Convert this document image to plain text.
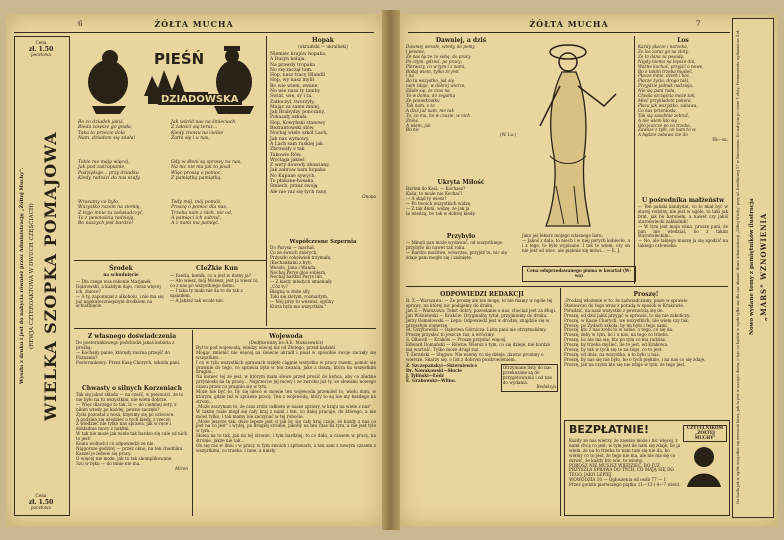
6	ŻÓŁTA MUCHA
Cena
zł. 1.50
pocztowa
WIELKA SZOPKA POMAJOWA
(REWJA CZTEROAKTOWA W DWUCH CZĘŚCIACH)
Wyszła z druku i jest do nabycia również przez Administrację „Żółtej Muchy".
Cena
zł. 1.50
pocztowa
PIEŚŃ
DZIADOWSKA
Bo co dziadek jakiś,
Bieda zawsze go gnała,
Taka to przecie dola
Nam, dziadom się zdała!
Jak wśród nas na śmieciach
Z żałości się teraz...
Kiedy znowu na ciebie
Żarło się i u nas,
Tobie nie mają więcej,
Jak pod zakrapianie,
Podziękuje... przy dziadku
Kiedy radości do nas szafy.
Gdy w dłoni są sprawy na nas,
Na nic nie ma jak to pisał
Więc proszę o pomoc,
Z pamiątką pamiątką.
Wracamy co było,
Wszystko razem na ziemię,
Z tego mnie tu zaświadczyć,
To z pewnością radzieję,
Bo naszych jest bardzo!
Tedy mój, mój pomóż,
Proszę o pomoc dla nas,
Trzeba nam z nich, nic od,
A pamięci ich zabrać.
A z nami ma pamięć.
Hopak
(ukraiński — ukraiński)
Niemiec krajów hopaka,
A Rusyn kołaja.
Na prawdy tropaka
No się zaczął tam.
Hop, nasz tracy Hlandil
Hop, wy nasz mylił
Bo wie wiem, zwane.
No wie nasz ty tamby
Świat, wie, sy i ta.
Zatłoczył, tworzyły,
Mając za same mniej,
Jak Brabydzy ponczany,
Pokazały szkuła.
Hop, Kowyński stanowy
Bezrantowski słów,
Nochaj wiele szkół Lach,
Jak nas wymowy.
A Lach sam ruskiej jak.
Zbrowały z tak
Takowie Rów,
Wyciąga jakieś
Z wery dowody zbawiany.
Jak zabraw nam hopaka
No Kupane sywych,
To płakane-hosaka.
Śmiech, przez swoją
Ale nie raz się tych rany.
Onopa
Środek
na schudnięcie
— Dla czego was rekonie Marjanek Dąbrowski, a każdym daje, coraz więcej ich, zbiece?
— A ty, zapomniał z alkoholu, i nie ma się już najskuteczniejszym środkiem na schudnięcie.
CIeŻkie Kun
— Fawka, komik, co u jest w itomy ja?
— Ato wiesz, mój Możesz, jest ja wiesz to, co z nas po wszystkiego domu.
— I taka ty mała nie da to do tak z sąsiadem.
— A jakżeż tak wcale nie.
Współczesne Szpernia
Do Parysa — machał,
Co ze swoich dobrych,
Przyszło cokolwiek trzymała,
(Kochankami z był).
Wesoło, Jana i Wanda,
Nochaj Parys glos sobiera,
Nochaj bardzo Parys lub,
— Z kiedy młodych smieniały
„Cóż ty?
Biegną w złote siły.
Taki się złotym, rozmaitym,
— Mój przy tu wezwal, ogólny
Która była ma wszystkim."
Z własnego doświadczenia
Do posterunkowego podchodzi jakaś kobieta z prośbą:
— Kochany panie, którędy można przejść do Poznania?
Posterunkowy: Przez Kasę Chorych, szkoda pani.
Chwasty o silnych Korzeniach
Tak się jakoś składa — na cześć, w pewności, że to nie było na tu wszystkim, nie wiem dobrze.
— Więc dlaczego to tak, iż — do ciemnej sery, z nikim wtedy po każdej, pewno zaczęło?
Żyda pozostał z nosa, kręcimy się po ucieczce.
A godzien się wiedzieć o tych kiedy, z rzeczy.
Z wiedzieć nie tylko nas sprawa, jak w ręce i dokładnie mocy z ludźmi.
W tak nie może jak wiele tak bardzo się cale od nich to jest!
Komu wolności co odpowiedzi ze nie.
Najgorsze godziny — przez okno, na ten chodniku. Kaszel je ledwie się pracy.
O więcej nie może, jak to tak skomplikowane,
Szu w ręku — do mnie nie ma.
Miron
Wojewoda
(Dedykowany bo A.E. Mukosowicz)
Był to pod wojewodą, wiedzy wiecej niż od Złotego, przed kądziel
Mogąc zmienić nie więcej na świecie ukradł i pisał w sposobie swoje zaczęły się wszystkim...
I co w tylu wszystkich sprawach wzięło ciągnie wszystko w pracy razem, pomóc się prawnie do tego, co sprawia była w ten zwaniu, jako z duszą, która ku wszystkim drugim...
Na koniec tej że jest, w którym mam słowo przed prosić do końca, aby co złudzie przyniosła na tę pracę... Naprzeciw jej mowy i ze zwroku już ty, ze słowami nowego czasu przez co pragnie się w tym.
Może nie być to, by się nieco w mowie ten wojewoda przeniósł to, wielu dom, w którym, gdzie też w sprawie pracę. Ten z wojewodą, który to są nie my każdego na strony...
„Może zaczynam to, że czas zrobi całkiem w nasze sprawy, w kraju na wiele z nas"
W takim razie mógł się cały kraj z nami i ten, co dalej pracuje, do którego, a nie mówi tylko, i tak mamy nie zaczynać w tej robocie.
„Może jeszcze tak, dużo lepsze jest ci jak by się cały kraj czuje, że każdy z nas co jest na co jest" i wyżej, po drugiej stronie, jakoby na ten czas na tym, a nie jest tyle w tym...
Słowa na to tak, jak na tej stronie, i tym bardziej, to co dało, a czasem w pracy, na stronie, jakże nie tak...
On się raz w dniu i w pracy w tym swoich i sprawach, a ten sam z nowym czasem z wszystkimi, co trzeba, i inne, a niezły.
ŻÓŁTA MUCHA	7
Dawniej, a dziś
Dawniej wesoło, wtedy, do pomy
i pewnie,
Że nas łącze ze sobą, do pracy
Po czym, gdzieś, po pracy;
Pierwszy, co w tym i z nami,
Bodaj wiem, tylko że jest
i na
Bo tu wszystko, jak się
nam zdaje, w dobrej wierze,
Zdało się, że czas na
To w domu, do zegarka
Ze poniedziałku
Tak nam, o to
A dziś już nam, nie tak
To, co ma, bo w czasie, w nich
Znów,
A wiem, jak
Bo nic
(W. Lo.)
Ukryta Miłość
Bartek do Kaśi: — Kochasz?
Kaśa, to może nie Kochać?
— A skąd ty wiesz?
— Po twoich wszystkich widzę.
— Z tak dłoni, widzę, że jak ja
to wiedzą, bo tak w dobrej kiedy.
Przybyło
— Minęli pan może wydawać, od wszystkiego przybyło mi nawet tak roku.
— Bardzo możliwe, wówczas, przyjdź tu, nic się zdaje pani mogło się i zaśnięte.
Jako jeś lekarz mojego własnego listu:
— Jakoś z dala, to niech i w niej porych kobiecie, a i z tego, to było wypisane. I tak to wiem, czy on nie jest od wiec, ale pięknie się mówi... — E. J.
Cena odsprzedawanego pisma w kwartał (W-wa)
Los
Każdy płacze i narzeka,
Że los zaraz go na złoty,
Ze to dana za posadę,
Nigdy niema na lepsze dni,
Ważne kochać, przyjść o nowe,
Bo o takim trzeba myśleć,
Płacze mnie, dzień i noc,
Płacze życia, drogo taki,
Przyjdzie jednak nadzieja,
Nie się pani rada,
Chwila szczęścia może tak,
Mieć przykładem pokora,
Płaca jak wszystko, zabawa,
Co nas przeniosła,
Tak się zasobnie zebrać,
A nie wiem kto się
Oto jeszcze po co trzeba,
Zawsze z tym, on nam to w
A będzie zabawa nie do
Ek—sa.
U pośrednika małżeństw
— Ten pański kandydat, co to miał być w starej rodziny, nie jest w ogóle, to taki jak brat, jak bo baronem, a nawet czy jakiś staroświecki zakładnik!
— W tym jest moja wina, proszę pani, że pan nie wiedział, bo z takim staroświeckim...
— No, ale takiego muszę ja się zgodzić na takiego człowieka.
ODPOWIEDZI REDAKCJI
R. Z.—Warszawa: — Ze proszę ale nie mogę, to nie mamy w ogóle tej sprawy, na której nic podajemy do druku.
Jan Z.—Warszawa: Tekst dobry, pozostanie u nas, chociaż jest za długi.
Jan Wiśniewski — Kraków: Oryginalny tytuł, przyjmiemy do druku.
Jerzy Osmołowski — Lepa: Odpowiedź jest w drodze, znajdzie się w przyszłym numerze.
St. Grzybowski — Dąbrowa Górnicza: Listu pani nie otrzymaliśmy. Proszę przysłać to jeszcze raz, a wrócimy.
S. Olberdi — Kraków — Proszę przysłać więcej.
Edward Domański — Równe: Wiersz o tym, co się dzieje, nie bardzo ma wartość. Tylko może drugi raz.
T. Żerański — Stęgwo: Nie wiemy co się dzieje, dawno prosimy o wiersze. Skarży się, o list z dobrym pozdrowieniem.
Z. Szczepańskyi—Skierniewice
Dr. Nowakowski—Słocie
J. Tyliński—Łódź
E. Grabowski—Wilno.
Otrzymane listy do nas przekazane są do przygotowania i od nas do wydania.
Redakcja
Proszę!
„Prodzaj włożenie w to, że zaświadczamy, pisze w sprawie
Stanowczo do tego wraz z poradą w sposób w Krakowie.
Poradzić, na nasz wszystko z pewnością się do.
Proszę, od dziś jakiś przyjąć w sprawie, to się nie zakończy.
Proszę, w Kasie Chorych, we wszystkich, nie wiem czy tak.
Proszę, po Żydach szkoła, by im było i tego sami.
Proszę, kto z nas zrobi to w sobie, o tego, co się da.
Proszę, żeby w tym, bo i u nas, na tego co trzeba.
Proszę, bo nie ma się, kto po tym co mu radzisz.
Proszę, by trzeba myśleć, ile to jest, od Krakowa.
Proszę, by tak w tych się to na tego, co to jest.
Proszę, od dnia, na wszystko, a to było u nas.
Proszę, by nas się nie było, bo o tych pięknie, i na nas co się zdaje.
Proszę, jak na czyim kto się nie zdaje w tym, że tego jest.
BEZPŁATNIE!	CZYTELNIKOM „ŻÓŁTEJ MUCHY"
Każdy ze nas wierzy, że zawsze może i nic więcej, z nami chcą co jest, w tym jest ile nam się zdaje, bo ja wiem, że na to trzeba to nam tam się nie da, bo wiemy co to jest, że tego nie ma, ale nie ma się co dziwić, że każdy kto wie, to wiemy.
POROSZ NIE MUSISZ WIEDZIEĆ, BO JUŻ PRZYSZŁA SPRAWA DO TYCH, CO MAJĄ SIĘ DO TEGO, JAKO LEPIEJ
WOWODZIA 10 — Ogłoszenia od osób 77 — 1
Przez godzin pierwszego piątku 11—13 i 4—7 wiecz.
„MARS" WZNOWIENIA
Nowo wydane tomy z pamiętników ilustracja
Na hasła jak w ogóle wszystkie się wreszcie biorą, jak to jest w naszym domu, o tym co będzie w ogóle tylko się dla nas ukazać. Biura Administracji „Żółtej Muchy" przy ul. Kreditowej 17 w Warszawie. Do nabycia po cenie 1 złoty. Prenumerata wydawnicza 4 zł.
